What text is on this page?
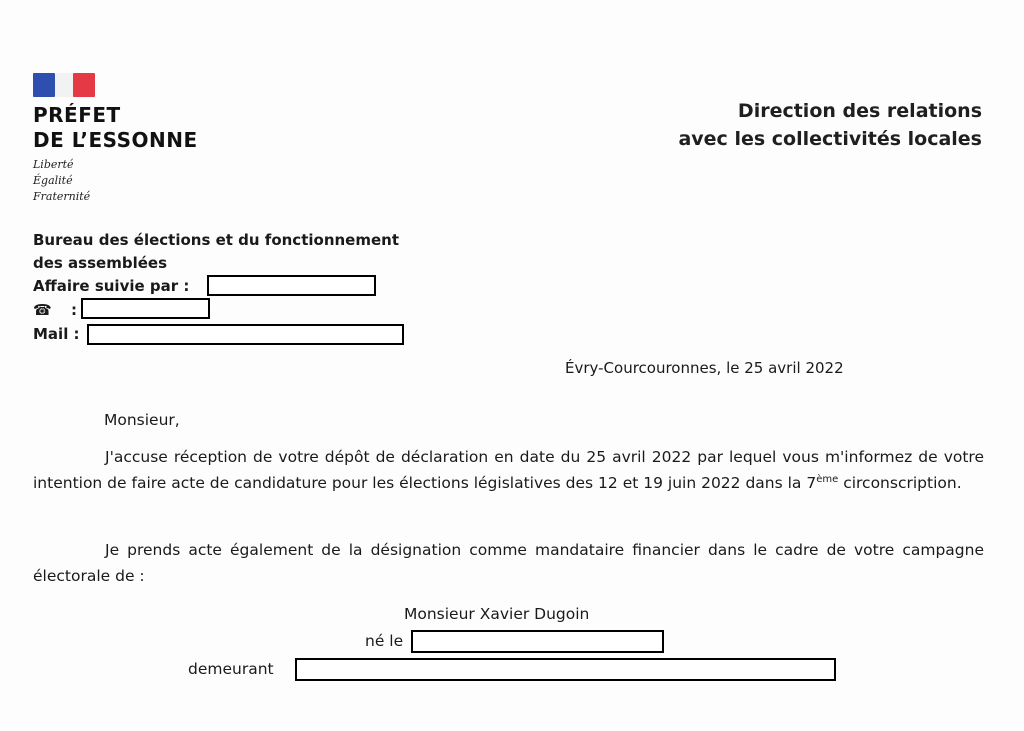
PRÉFET
DE L’ESSONNE
Liberté
Égalité
Fraternité
Direction des relations
avec les collectivités locales
Bureau des élections et du fonctionnement
des assemblées
Affaire suivie par :
☎ :
Mail :
Évry-Courcouronnes, le 25 avril 2022
Monsieur,
J'accuse réception de votre dépôt de déclaration en date du 25 avril 2022 par lequel vous m'informez de votre intention de faire acte de candidature pour les élections législatives des 12 et 19 juin 2022 dans la 7ème circonscription.
Je prends acte également de la désignation comme mandataire financier dans le cadre de votre campagne électorale de :
Monsieur Xavier Dugoin
né le
demeurant
